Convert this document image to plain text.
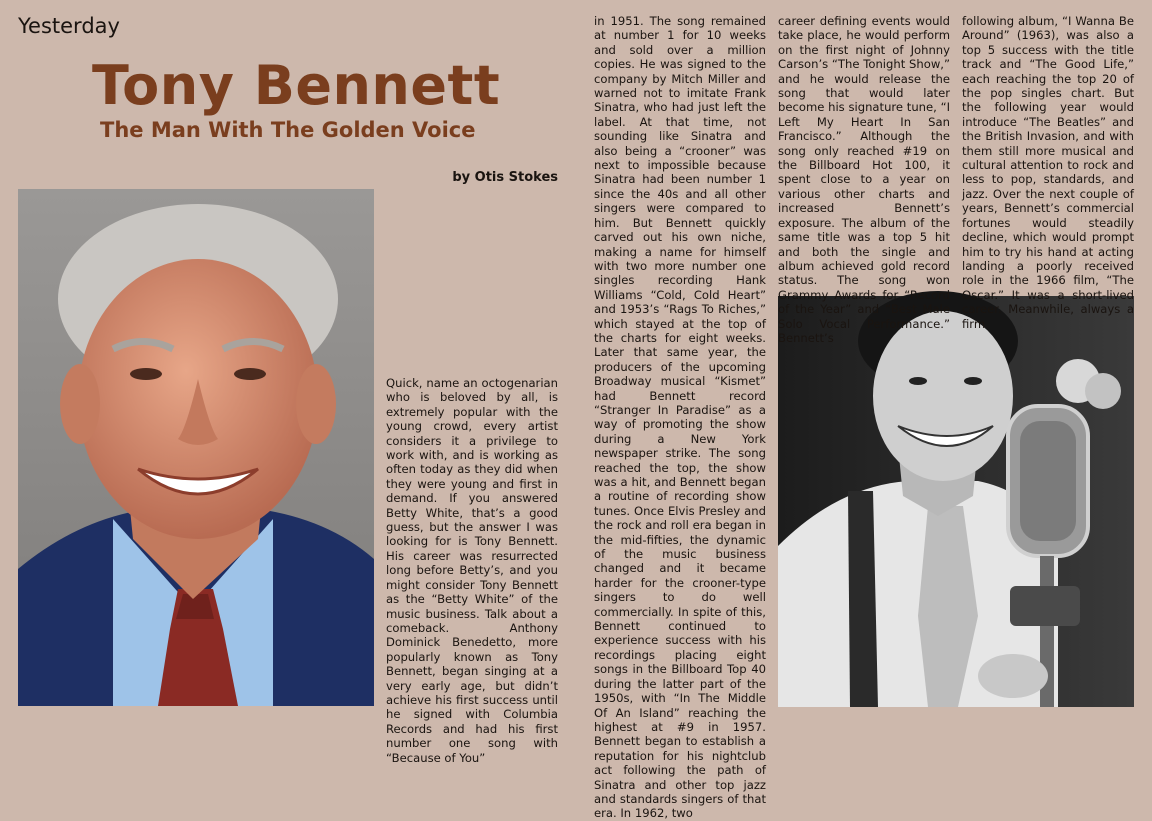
Yesterday
Tony Bennett
The Man With The Golden Voice
by Otis Stokes
Quick, name an octogenarian who is beloved by all, is extremely popular with the young crowd, every artist considers it a privilege to work with, and is working as often today as they did when they were young and first in demand. If you answered Betty White, that’s a good guess, but the answer I was looking for is Tony Bennett. His career was resurrected long before Betty’s, and you might consider Tony Bennett as the “Betty White” of the music business. Talk about a comeback. Anthony Dominick Benedetto, more popularly known as Tony Bennett, began singing at a very early age, but didn’t achieve his first success until he signed with Columbia Records and had his first number one song with “Because of You”
in 1951. The song remained at number 1 for 10 weeks and sold over a million copies. He was signed to the company by Mitch Miller and warned not to imitate Frank Sinatra, who had just left the label. At that time, not sounding like Sinatra and also being a “crooner” was next to impossible because Sinatra had been number 1 since the 40s and all other singers were compared to him. But Bennett quickly carved out his own niche, making a name for himself with two more number one singles recording Hank Williams “Cold, Cold Heart” and 1953’s “Rags To Riches,” which stayed at the top of the charts for eight weeks. Later that same year, the producers of the upcoming Broadway musical “Kismet” had Bennett record “Stranger In Paradise” as a way of promoting the show during a New York newspaper strike. The song reached the top, the show was a hit, and Bennett began a routine of recording show tunes. Once Elvis Presley and the rock and roll era began in the mid-fifties, the dynamic of the music business changed and it became harder for the crooner-type singers to do well commercially. In spite of this, Bennett continued to experience success with his recordings placing eight songs in the Billboard Top 40 during the latter part of the 1950s, with “In The Middle Of An Island” reaching the highest at #9 in 1957. Bennett began to establish a reputation for his nightclub act following the path of Sinatra and other top jazz and standards singers of that era. In 1962, two
career defining events would take place, he would perform on the first night of Johnny Carson’s “The Tonight Show,” and he would release the song that would later become his signature tune, “I Left My Heart In San Francisco.” Although the song only reached #19 on the Billboard Hot 100, it spent close to a year on various other charts and increased Bennett’s exposure. The album of the same title was a top 5 hit and both the single and album achieved gold record status. The song won Grammy Awards for “Record of the Year” and “Best Male Solo Vocal Performance.” Bennett’s
following album, “I Wanna Be Around” (1963), was also a top 5 success with the title track and “The Good Life,” each reaching the top 20 of the pop singles chart. But the following year would introduce “The Beatles” and the British Invasion, and with them still more musical and cultural attention to rock and less to pop, standards, and jazz. Over the next couple of years, Bennett’s commercial fortunes would steadily decline, which would prompt him to try his hand at acting landing a poorly received role in the 1966 film, “The Oscar.” It was a short-lived career. Meanwhile, always a firm
